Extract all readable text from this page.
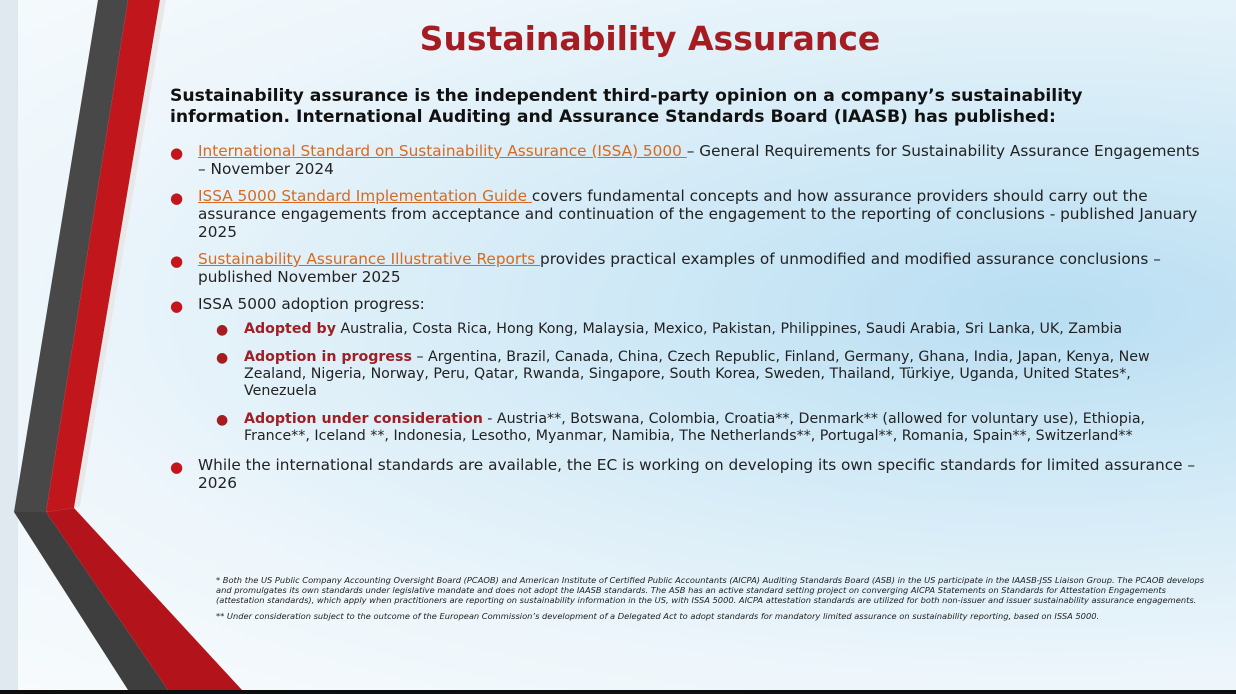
Sustainability Assurance
Sustainability assurance is the independent third-party opinion on a company’s sustainability information. International Auditing and Assurance Standards Board (IAASB) has published:
● International Standard on Sustainability Assurance (ISSA) 5000 – General Requirements for Sustainability Assurance Engagements – November 2024
● ISSA 5000 Standard Implementation Guide covers fundamental concepts and how assurance providers should carry out the assurance engagements from acceptance and continuation of the engagement to the reporting of conclusions - published January 2025
● Sustainability Assurance Illustrative Reports provides practical examples of unmodified and modified assurance conclusions – published November 2025
● ISSA 5000 adoption progress:
● Adopted by Australia, Costa Rica, Hong Kong, Malaysia, Mexico, Pakistan, Philippines, Saudi Arabia, Sri Lanka, UK, Zambia
● Adoption in progress – Argentina, Brazil, Canada, China, Czech Republic, Finland, Germany, Ghana, India, Japan, Kenya, New Zealand, Nigeria, Norway, Peru, Qatar, Rwanda, Singapore, South Korea, Sweden, Thailand, Türkiye, Uganda, United States*, Venezuela
● Adoption under consideration - Austria**, Botswana, Colombia, Croatia**, Denmark** (allowed for voluntary use), Ethiopia, France**, Iceland **, Indonesia, Lesotho, Myanmar, Namibia, The Netherlands**, Portugal**, Romania, Spain**, Switzerland**
● While the international standards are available, the EC is working on developing its own specific standards for limited assurance – 2026

* Both the US Public Company Accounting Oversight Board (PCAOB) and American Institute of Certified Public Accountants (AICPA) Auditing Standards Board (ASB) in the US participate in the IAASB-JSS Liaison Group. The PCAOB develops and promulgates its own standards under legislative mandate and does not adopt the IAASB standards. The ASB has an active standard setting project on converging AICPA Statements on Standards for Attestation Engagements (attestation standards), which apply when practitioners are reporting on sustainability information in the US, with ISSA 5000. AICPA attestation standards are utilized for both non-issuer and issuer sustainability assurance engagements.

** Under consideration subject to the outcome of the European Commission’s development of a Delegated Act to adopt standards for mandatory limited assurance on sustainability reporting, based on ISSA 5000.
